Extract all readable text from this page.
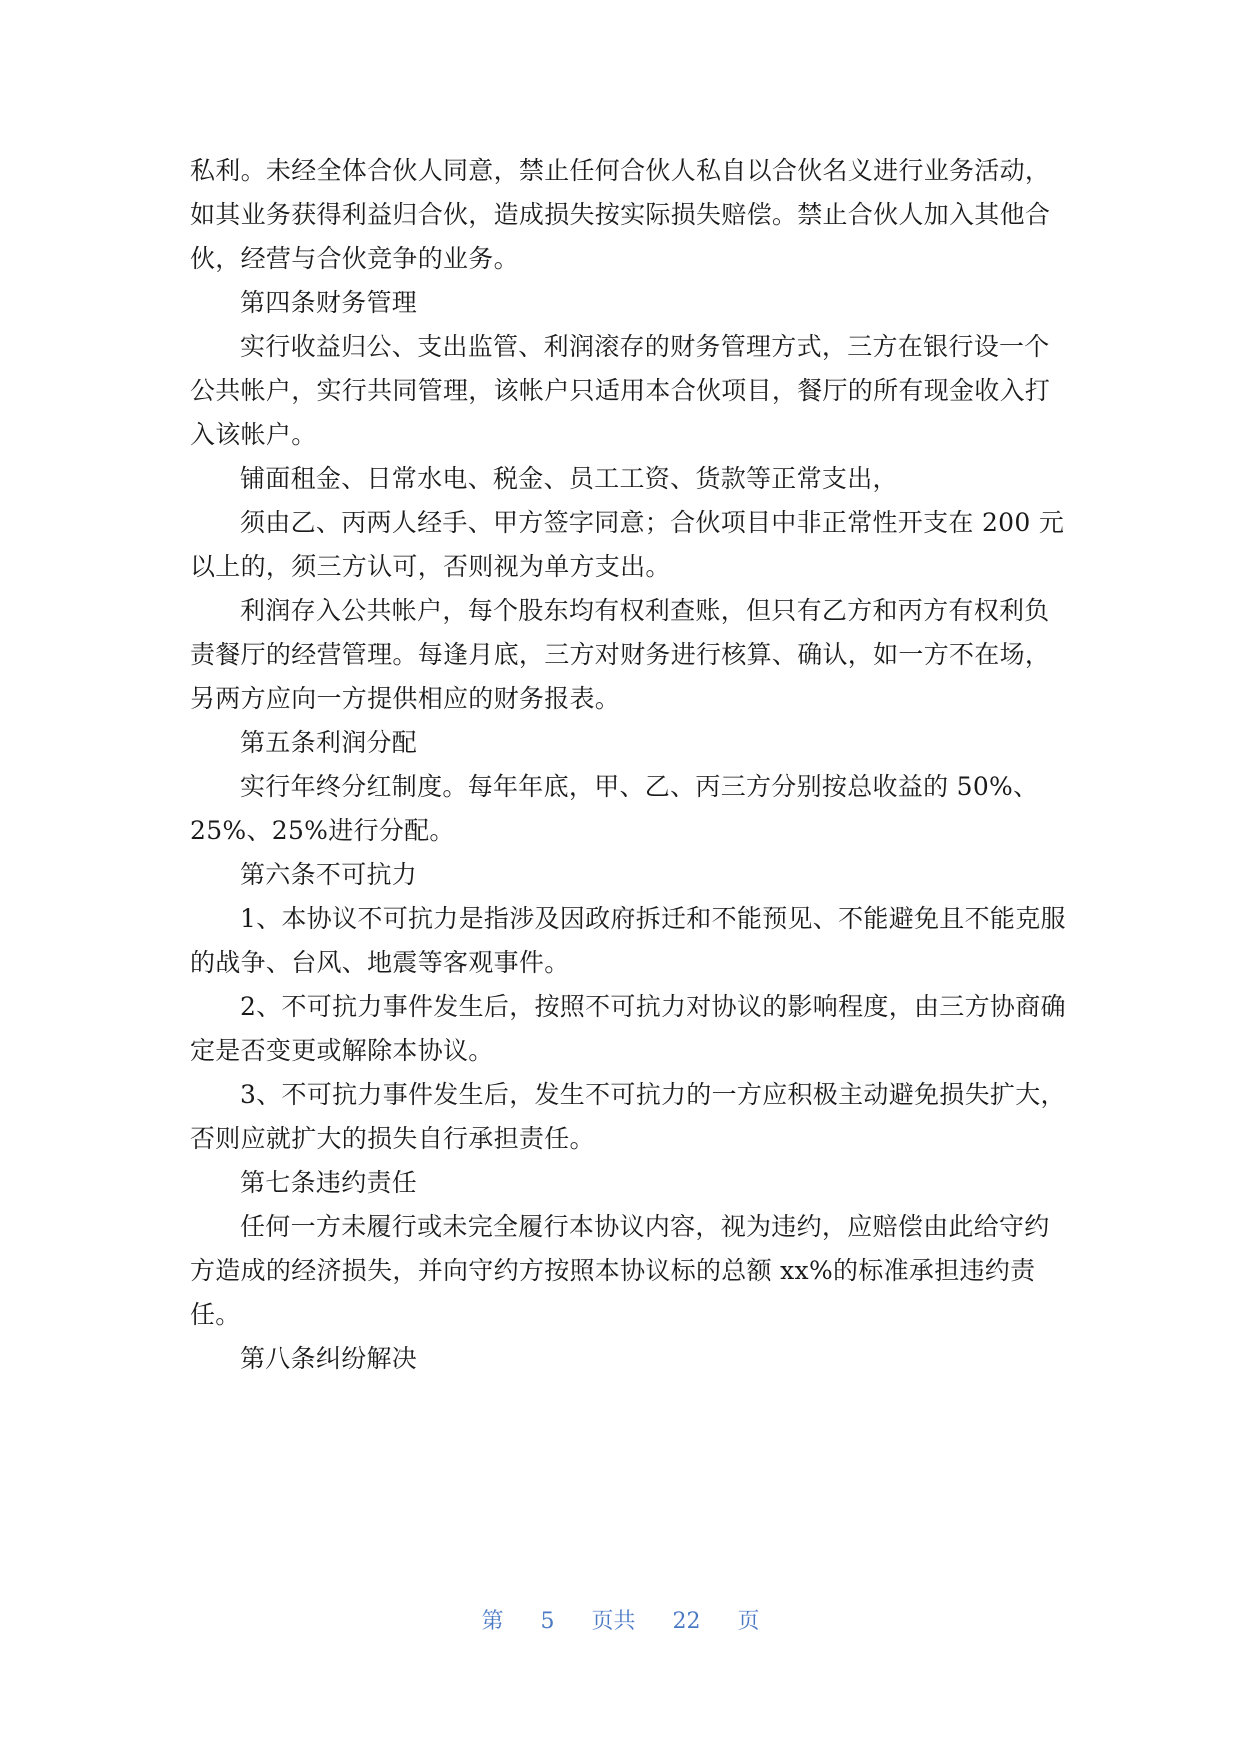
私利。未经全体合伙人同意，禁止任何合伙人私自以合伙名义进行业务活动，
如其业务获得利益归合伙，造成损失按实际损失赔偿。禁止合伙人加入其他合
伙，经营与合伙竞争的业务。
第四条财务管理
实行收益归公、支出监管、利润滚存的财务管理方式，三方在银行设一个
公共帐户，实行共同管理，该帐户只适用本合伙项目，餐厅的所有现金收入打
入该帐户。
铺面租金、日常水电、税金、员工工资、货款等正常支出，
须由乙、丙两人经手、甲方签字同意；合伙项目中非正常性开支在 200 元
以上的，须三方认可，否则视为单方支出。
利润存入公共帐户，每个股东均有权利查账，但只有乙方和丙方有权利负
责餐厅的经营管理。每逢月底，三方对财务进行核算、确认，如一方不在场，
另两方应向一方提供相应的财务报表。
第五条利润分配
实行年终分红制度。每年年底，甲、乙、丙三方分别按总收益的 50%、
25%、25%进行分配。
第六条不可抗力
1、本协议不可抗力是指涉及因政府拆迁和不能预见、不能避免且不能克服
的战争、台风、地震等客观事件。
2、不可抗力事件发生后，按照不可抗力对协议的影响程度，由三方协商确
定是否变更或解除本协议。
3、不可抗力事件发生后，发生不可抗力的一方应积极主动避免损失扩大，
否则应就扩大的损失自行承担责任。
第七条违约责任
任何一方未履行或未完全履行本协议内容，视为违约，应赔偿由此给守约
方造成的经济损失，并向守约方按照本协议标的总额 xx%的标准承担违约责
任。
第八条纠纷解决
第 5 页共 22 页
